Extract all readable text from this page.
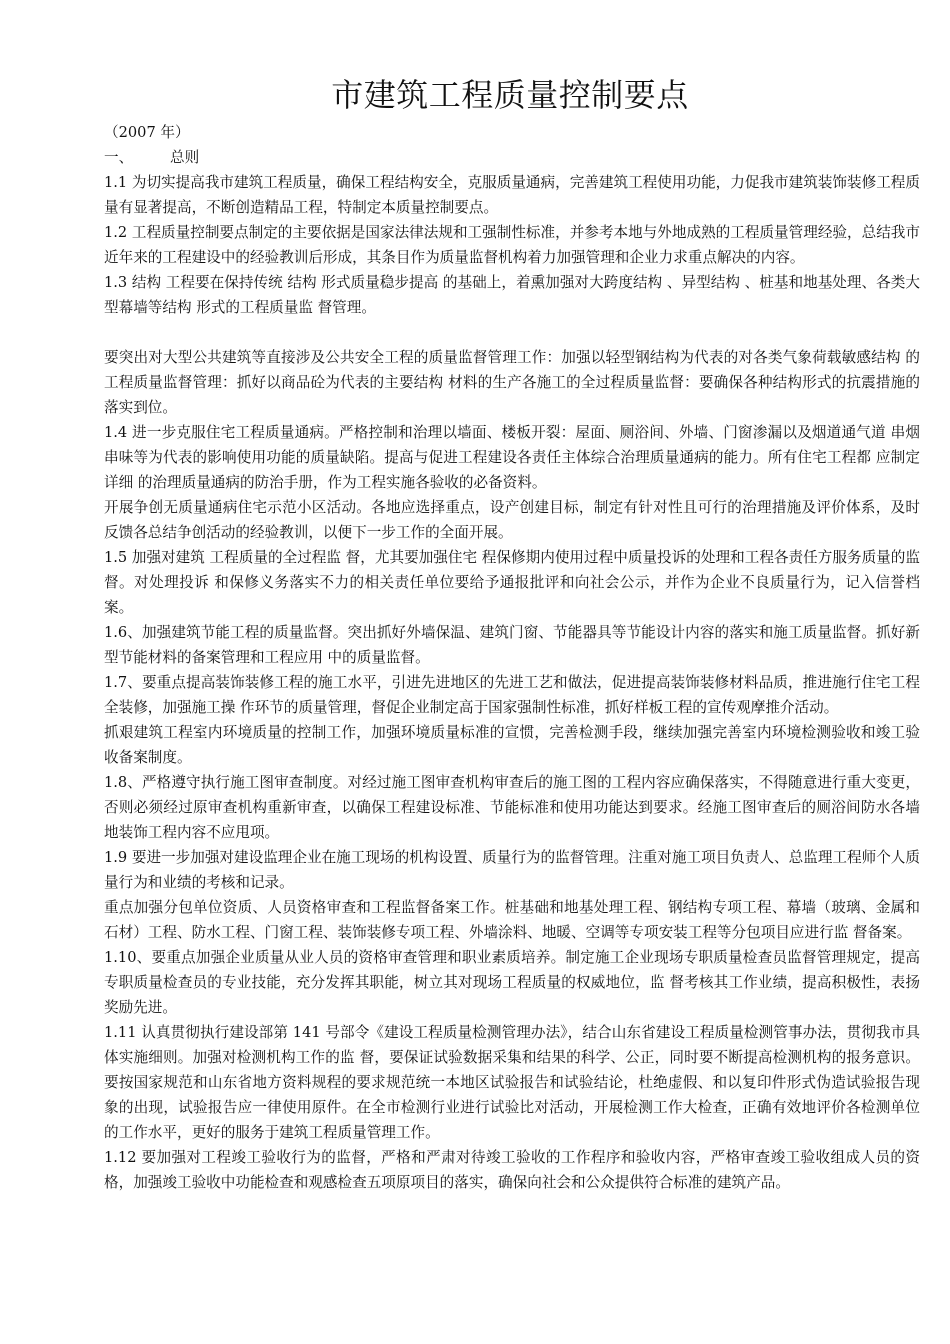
市建筑工程质量控制要点

（2007 年）

一、	总则

1.1 为切实提高我市建筑工程质量，确保工程结构安全，克服质量通病，完善建筑工程使用功能，力促我市建筑装饰装修工程质量有显著提高，不断创造精品工程，特制定本质量控制要点。

1.2 工程质量控制要点制定的主要依据是国家法律法规和工强制性标准，并参考本地与外地成熟的工程质量管理经验，总结我市近年来的工程建设中的经验教训后形成，其条目作为质量监督机构着力加强管理和企业力求重点解决的内容。

1.3 结构 工程要在保持传统 结构 形式质量稳步提高 的基础上，着熏加强对大跨度结构 、异型结构 、桩基和地基处理、各类大型幕墙等结构 形式的工程质量监 督管理。

要突出对大型公共建筑等直接涉及公共安全工程的质量监督管理工作：加强以轻型钢结构为代表的对各类气象荷载敏感结构 的工程质量监督管理：抓好以商品砼为代表的主要结构 材料的生产各施工的全过程质量监督：要确保各种结构形式的抗震措施的落实到位。

1.4 进一步克服住宅工程质量通病。严格控制和治理以墙面、楼板开裂：屋面、厕浴间、外墙、门窗渗漏以及烟道通气道 串烟串味等为代表的影响使用功能的质量缺陷。提高与促进工程建设各责任主体综合治理质量通病的能力。所有住宅工程都 应制定详细 的治理质量通病的防治手册，作为工程实施各验收的必备资料。

开展争创无质量通病住宅示范小区活动。各地应选择重点，设产创建目标，制定有针对性且可行的治理措施及评价体系，及时反馈各总结争创活动的经验教训，以便下一步工作的全面开展。

1.5 加强对建筑 工程质量的全过程监 督，尤其要加强住宅 程保修期内使用过程中质量投诉的处理和工程各责任方服务质量的监督。对处理投诉 和保修义务落实不力的相关责任单位要给予通报批评和向社会公示，并作为企业不良质量行为，记入信誉档案。

1.6、加强建筑节能工程的质量监督。突出抓好外墙保温、建筑门窗、节能器具等节能设计内容的落实和施工质量监督。抓好新型节能材料的备案管理和工程应用 中的质量监督。

1.7、要重点提高装饰装修工程的施工水平，引进先进地区的先进工艺和做法，促进提高装饰装修材料品质，推进施行住宅工程全装修，加强施工操 作环节的质量管理，督促企业制定高于国家强制性标准，抓好样板工程的宣传观摩推介活动。

抓艰建筑工程室内环境质量的控制工作，加强环境质量标准的宣惯，完善检测手段，继续加强完善室内环境检测验收和竣工验收备案制度。

1.8、严格遵守执行施工图审查制度。对经过施工图审查机构审查后的施工图的工程内容应确保落实，不得随意进行重大变更，否则必须经过原审查机构重新审查，以确保工程建设标准、节能标准和使用功能达到要求。经施工图审查后的厕浴间防水各墙地装饰工程内容不应甩项。

1.9 要进一步加强对建设监理企业在施工现场的机构设置、质量行为的监督管理。注重对施工项目负责人、总监理工程师个人质量行为和业绩的考核和记录。

重点加强分包单位资质、人员资格审查和工程监督备案工作。桩基础和地基处理工程、钢结构专项工程、幕墙（玻璃、金属和石材）工程、防水工程、门窗工程、装饰装修专项工程、外墙涂料、地暖、空调等专项安装工程等分包项目应进行监 督备案。

1.10、要重点加强企业质量从业人员的资格审查管理和职业素质培养。制定施工企业现场专职质量检查员监督管理规定，提高专职质量检查员的专业技能，充分发挥其职能，树立其对现场工程质量的权威地位，监 督考核其工作业绩，提高积极性，表扬奖励先进。

1.11 认真贯彻执行建设部第 141 号部令《建设工程质量检测管理办法》，结合山东省建设工程质量检测管事办法，贯彻我市具体实施细则。加强对检测机构工作的监 督，要保证试验数据采集和结果的科学、公正，同时要不断提高检测机构的报务意识。要按国家规范和山东省地方资料规程的要求规范统一本地区试验报告和试验结论，杜绝虚假、和以复印件形式伪造试验报告现象的出现，试验报告应一律使用原件。在全市检测行业进行试验比对活动，开展检测工作大检查，正确有效地评价各检测单位的工作水平，更好的服务于建筑工程质量管理工作。

1.12 要加强对工程竣工验收行为的监督，严格和严肃对待竣工验收的工作程序和验收内容，严格审查竣工验收组成人员的资格，加强竣工验收中功能检查和观感检查五项原项目的落实，确保向社会和公众提供符合标准的建筑产品。
